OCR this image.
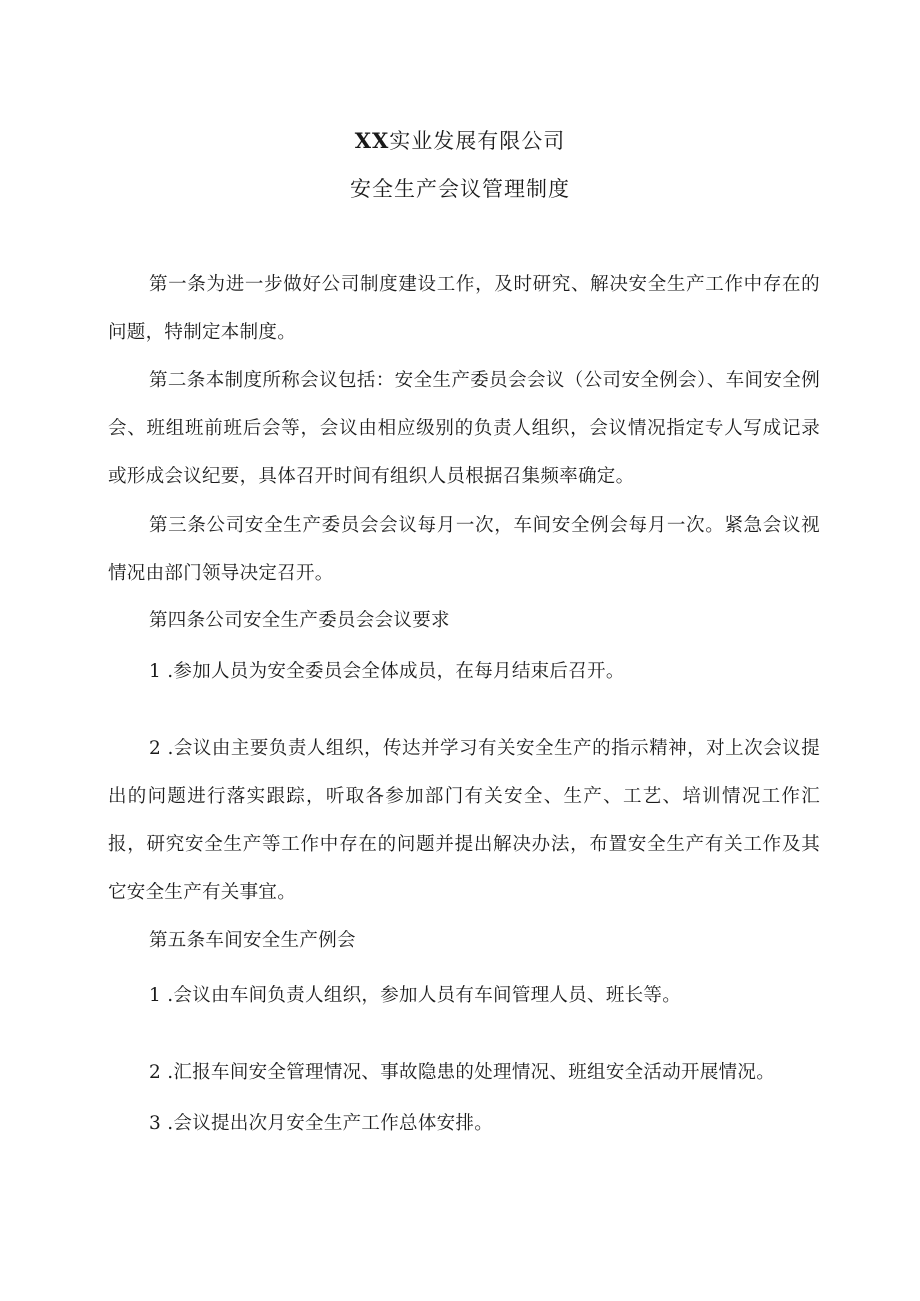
XX实业发展有限公司
安全生产会议管理制度

第一条为进一步做好公司制度建设工作，及时研究、解决安全生产工作中存在的问题，特制定本制度。

第二条本制度所称会议包括：安全生产委员会会议（公司安全例会）、车间安全例会、班组班前班后会等，会议由相应级别的负责人组织，会议情况指定专人写成记录或形成会议纪要，具体召开时间有组织人员根据召集频率确定。

第三条公司安全生产委员会会议每月一次，车间安全例会每月一次。紧急会议视情况由部门领导决定召开。

第四条公司安全生产委员会会议要求

1 .参加人员为安全委员会全体成员，在每月结束后召开。

2 .会议由主要负责人组织，传达并学习有关安全生产的指示精神，对上次会议提出的问题进行落实跟踪，听取各参加部门有关安全、生产、工艺、培训情况工作汇报，研究安全生产等工作中存在的问题并提出解决办法，布置安全生产有关工作及其它安全生产有关事宜。

第五条车间安全生产例会

1 .会议由车间负责人组织，参加人员有车间管理人员、班长等。

2 .汇报车间安全管理情况、事故隐患的处理情况、班组安全活动开展情况。

3 .会议提出次月安全生产工作总体安排。
